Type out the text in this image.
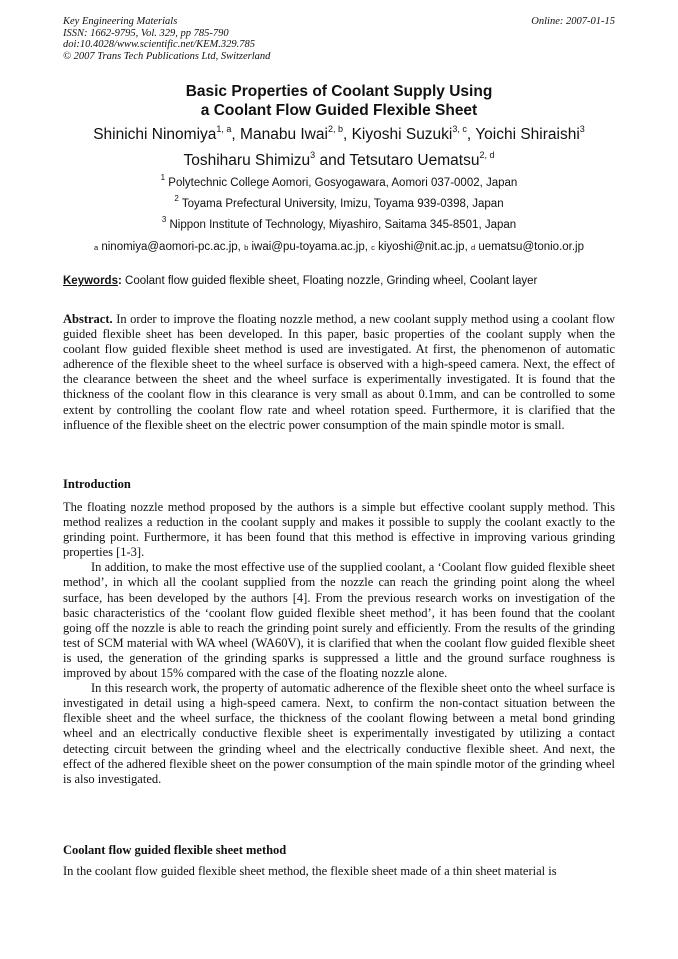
Key Engineering Materials
ISSN: 1662-9795, Vol. 329, pp 785-790
doi:10.4028/www.scientific.net/KEM.329.785
© 2007 Trans Tech Publications Ltd, Switzerland
Online: 2007-01-15
Basic Properties of Coolant Supply Using
a Coolant Flow Guided Flexible Sheet
Shinichi Ninomiya$^{1, a}$, Manabu Iwai$^{2, b}$, Kiyoshi Suzuki$^{3, c}$, Yoichi Shiraishi$^3$
Toshiharu Shimizu$^3$ and Tetsutaro Uematsu$^{2, d}$
$^1$ Polytechnic College Aomori, Gosyogawara, Aomori 037-0002, Japan
$^2$ Toyama Prefectural University, Imizu, Toyama 939-0398, Japan
$^3$ Nippon Institute of Technology, Miyashiro, Saitama 345-8501, Japan
a ninomiya@aomori-pc.ac.jp, b iwai@pu-toyama.ac.jp, c kiyoshi@nit.ac.jp, d uematsu@tonio.or.jp
Keywords: Coolant flow guided flexible sheet, Floating nozzle, Grinding wheel, Coolant layer

Abstract. In order to improve the floating nozzle method, a new coolant supply method using a coolant flow guided flexible sheet has been developed. In this paper, basic properties of the coolant supply when the coolant flow guided flexible sheet method is used are investigated. At first, the phenomenon of automatic adherence of the flexible sheet to the wheel surface is observed with a high-speed camera. Next, the effect of the clearance between the sheet and the wheel surface is experimentally investigated. It is found that the thickness of the coolant flow in this clearance is very small as about 0.1mm, and can be controlled to some extent by controlling the coolant flow rate and wheel rotation speed. Furthermore, it is clarified that the influence of the flexible sheet on the electric power consumption of the main spindle motor is small.

Introduction

The floating nozzle method proposed by the authors is a simple but effective coolant supply method. This method realizes a reduction in the coolant supply and makes it possible to supply the coolant exactly to the grinding point. Furthermore, it has been found that this method is effective in improving various grinding properties [1-3].

In addition, to make the most effective use of the supplied coolant, a ‘Coolant flow guided flexible sheet method’, in which all the coolant supplied from the nozzle can reach the grinding point along the wheel surface, has been developed by the authors [4]. From the previous research works on investigation of the basic characteristics of the ‘coolant flow guided flexible sheet method’, it has been found that the coolant going off the nozzle is able to reach the grinding point surely and efficiently. From the results of the grinding test of SCM material with WA wheel (WA60V), it is clarified that when the coolant flow guided flexible sheet is used, the generation of the grinding sparks is suppressed a little and the ground surface roughness is improved by about 15% compared with the case of the floating nozzle alone.

In this research work, the property of automatic adherence of the flexible sheet onto the wheel surface is investigated in detail using a high-speed camera. Next, to confirm the non-contact situation between the flexible sheet and the wheel surface, the thickness of the coolant flowing between a metal bond grinding wheel and an electrically conductive flexible sheet is experimentally investigated by utilizing a contact detecting circuit between the grinding wheel and the electrically conductive flexible sheet. And next, the effect of the adhered flexible sheet on the power consumption of the main spindle motor of the grinding wheel is also investigated.

Coolant flow guided flexible sheet method

In the coolant flow guided flexible sheet method, the flexible sheet made of a thin sheet material is
